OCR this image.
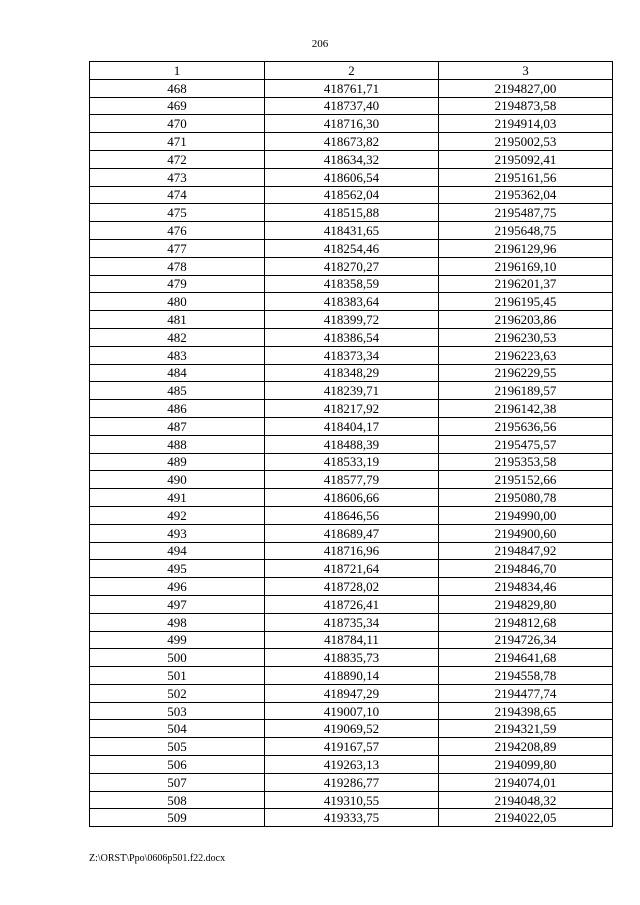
206
1	2	3
468	418761,71	2194827,00
469	418737,40	2194873,58
470	418716,30	2194914,03
471	418673,82	2195002,53
472	418634,32	2195092,41
473	418606,54	2195161,56
474	418562,04	2195362,04
475	418515,88	2195487,75
476	418431,65	2195648,75
477	418254,46	2196129,96
478	418270,27	2196169,10
479	418358,59	2196201,37
480	418383,64	2196195,45
481	418399,72	2196203,86
482	418386,54	2196230,53
483	418373,34	2196223,63
484	418348,29	2196229,55
485	418239,71	2196189,57
486	418217,92	2196142,38
487	418404,17	2195636,56
488	418488,39	2195475,57
489	418533,19	2195353,58
490	418577,79	2195152,66
491	418606,66	2195080,78
492	418646,56	2194990,00
493	418689,47	2194900,60
494	418716,96	2194847,92
495	418721,64	2194846,70
496	418728,02	2194834,46
497	418726,41	2194829,80
498	418735,34	2194812,68
499	418784,11	2194726,34
500	418835,73	2194641,68
501	418890,14	2194558,78
502	418947,29	2194477,74
503	419007,10	2194398,65
504	419069,52	2194321,59
505	419167,57	2194208,89
506	419263,13	2194099,80
507	419286,77	2194074,01
508	419310,55	2194048,32
509	419333,75	2194022,05
Z:\ORST\Ppo\0606p501.f22.docx
